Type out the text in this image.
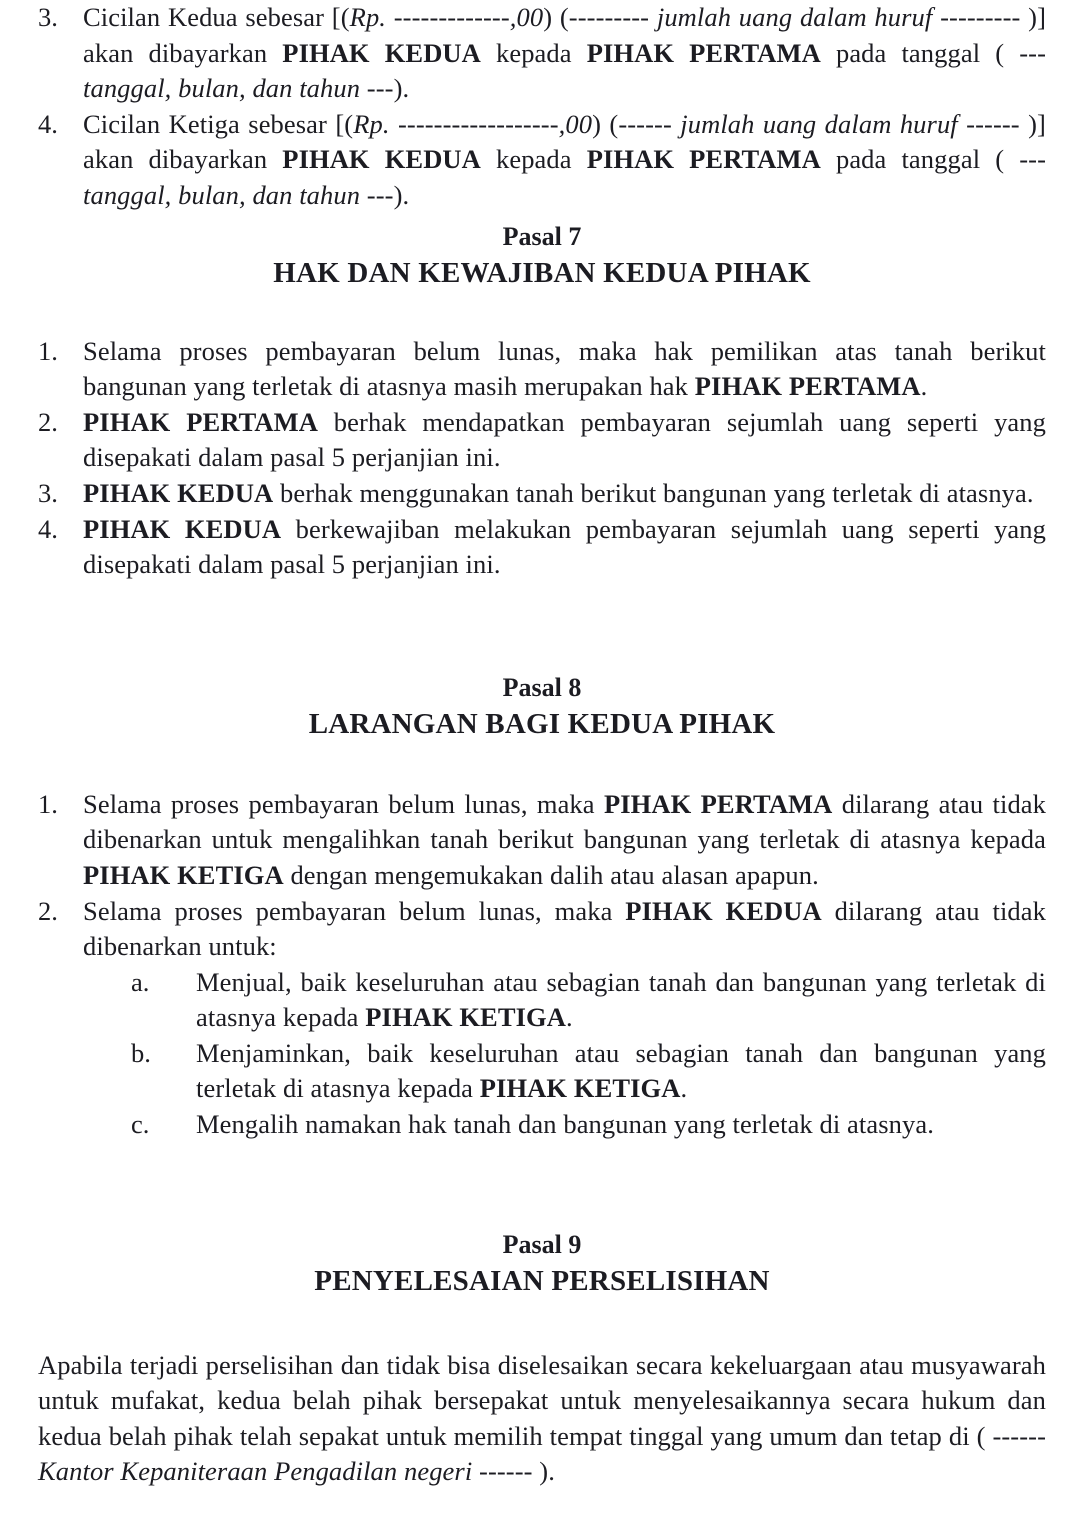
3. Cicilan Kedua sebesar [(Rp. -------------,00) (--------- jumlah uang dalam huruf --------- )] akan dibayarkan PIHAK KEDUA kepada PIHAK PERTAMA pada tanggal ( --- tanggal, bulan, dan tahun ---).
4. Cicilan Ketiga sebesar [(Rp. ------------------,00) (------ jumlah uang dalam huruf ------ )] akan dibayarkan PIHAK KEDUA kepada PIHAK PERTAMA pada tanggal ( --- tanggal, bulan, dan tahun ---).
Pasal 7
HAK DAN KEWAJIBAN KEDUA PIHAK
1. Selama proses pembayaran belum lunas, maka hak pemilikan atas tanah berikut bangunan yang terletak di atasnya masih merupakan hak PIHAK PERTAMA.
2. PIHAK PERTAMA berhak mendapatkan pembayaran sejumlah uang seperti yang disepakati dalam pasal 5 perjanjian ini.
3. PIHAK KEDUA berhak menggunakan tanah berikut bangunan yang terletak di atasnya.
4. PIHAK KEDUA berkewajiban melakukan pembayaran sejumlah uang seperti yang disepakati dalam pasal 5 perjanjian ini.
Pasal 8
LARANGAN BAGI KEDUA PIHAK
1. Selama proses pembayaran belum lunas, maka PIHAK PERTAMA dilarang atau tidak dibenarkan untuk mengalihkan tanah berikut bangunan yang terletak di atasnya kepada PIHAK KETIGA dengan mengemukakan dalih atau alasan apapun.
2. Selama proses pembayaran belum lunas, maka PIHAK KEDUA dilarang atau tidak dibenarkan untuk:
a.	Menjual, baik keseluruhan atau sebagian tanah dan bangunan yang terletak di atasnya kepada PIHAK KETIGA.
b.	Menjaminkan, baik keseluruhan atau sebagian tanah dan bangunan yang terletak di atasnya kepada PIHAK KETIGA.
c.	Mengalih namakan hak tanah dan bangunan yang terletak di atasnya.
Pasal 9
PENYELESAIAN PERSELISIHAN
Apabila terjadi perselisihan dan tidak bisa diselesaikan secara kekeluargaan atau musyawarah untuk mufakat, kedua belah pihak bersepakat untuk menyelesaikannya secara hukum dan kedua belah pihak telah sepakat untuk memilih tempat tinggal yang umum dan tetap di ( ------ Kantor Kepaniteraan Pengadilan negeri ------ ).
